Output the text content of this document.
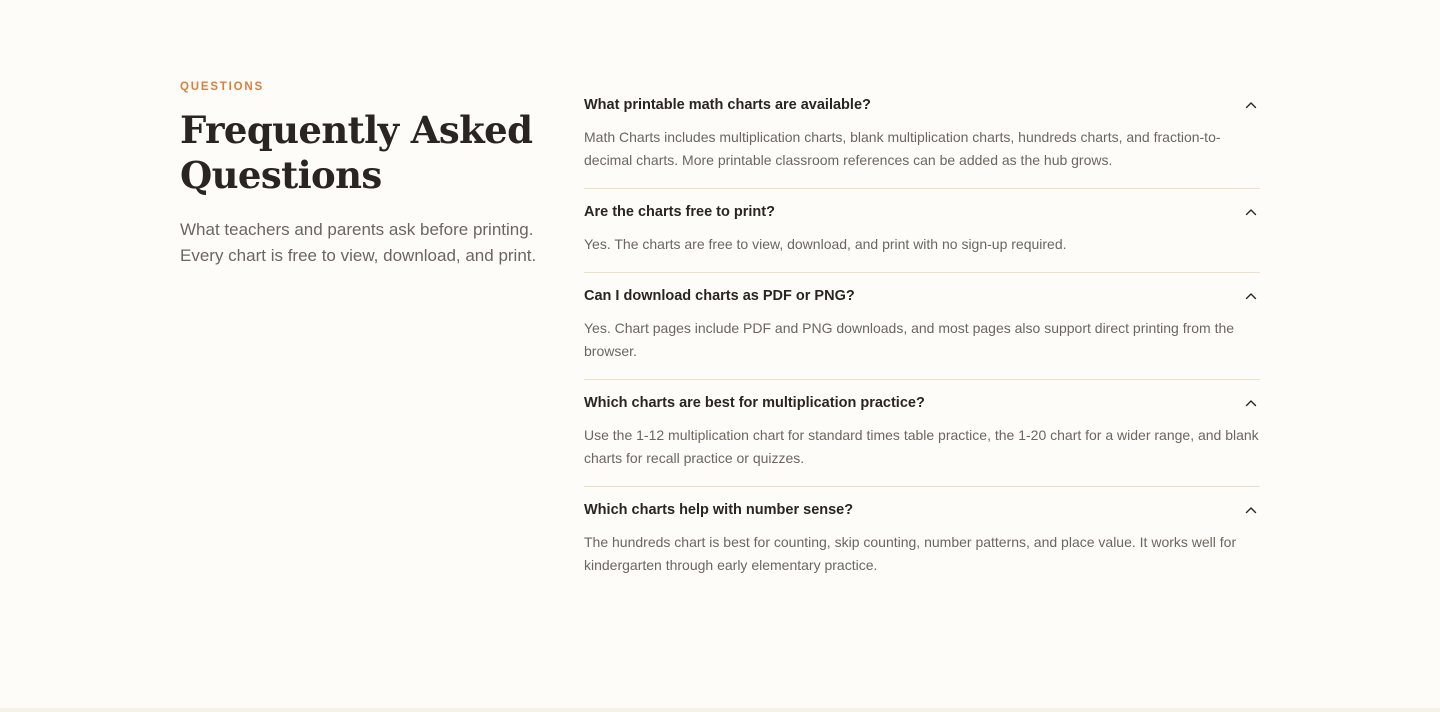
QUESTIONS
Frequently Asked Questions
What teachers and parents ask before printing. Every chart is free to view, download, and print.
What printable math charts are available?
Math Charts includes multiplication charts, blank multiplication charts, hundreds charts, and fraction-to-decimal charts. More printable classroom references can be added as the hub grows.
Are the charts free to print?
Yes. The charts are free to view, download, and print with no sign-up required.
Can I download charts as PDF or PNG?
Yes. Chart pages include PDF and PNG downloads, and most pages also support direct printing from the browser.
Which charts are best for multiplication practice?
Use the 1-12 multiplication chart for standard times table practice, the 1-20 chart for a wider range, and blank charts for recall practice or quizzes.
Which charts help with number sense?
The hundreds chart is best for counting, skip counting, number patterns, and place value. It works well for kindergarten through early elementary practice.
